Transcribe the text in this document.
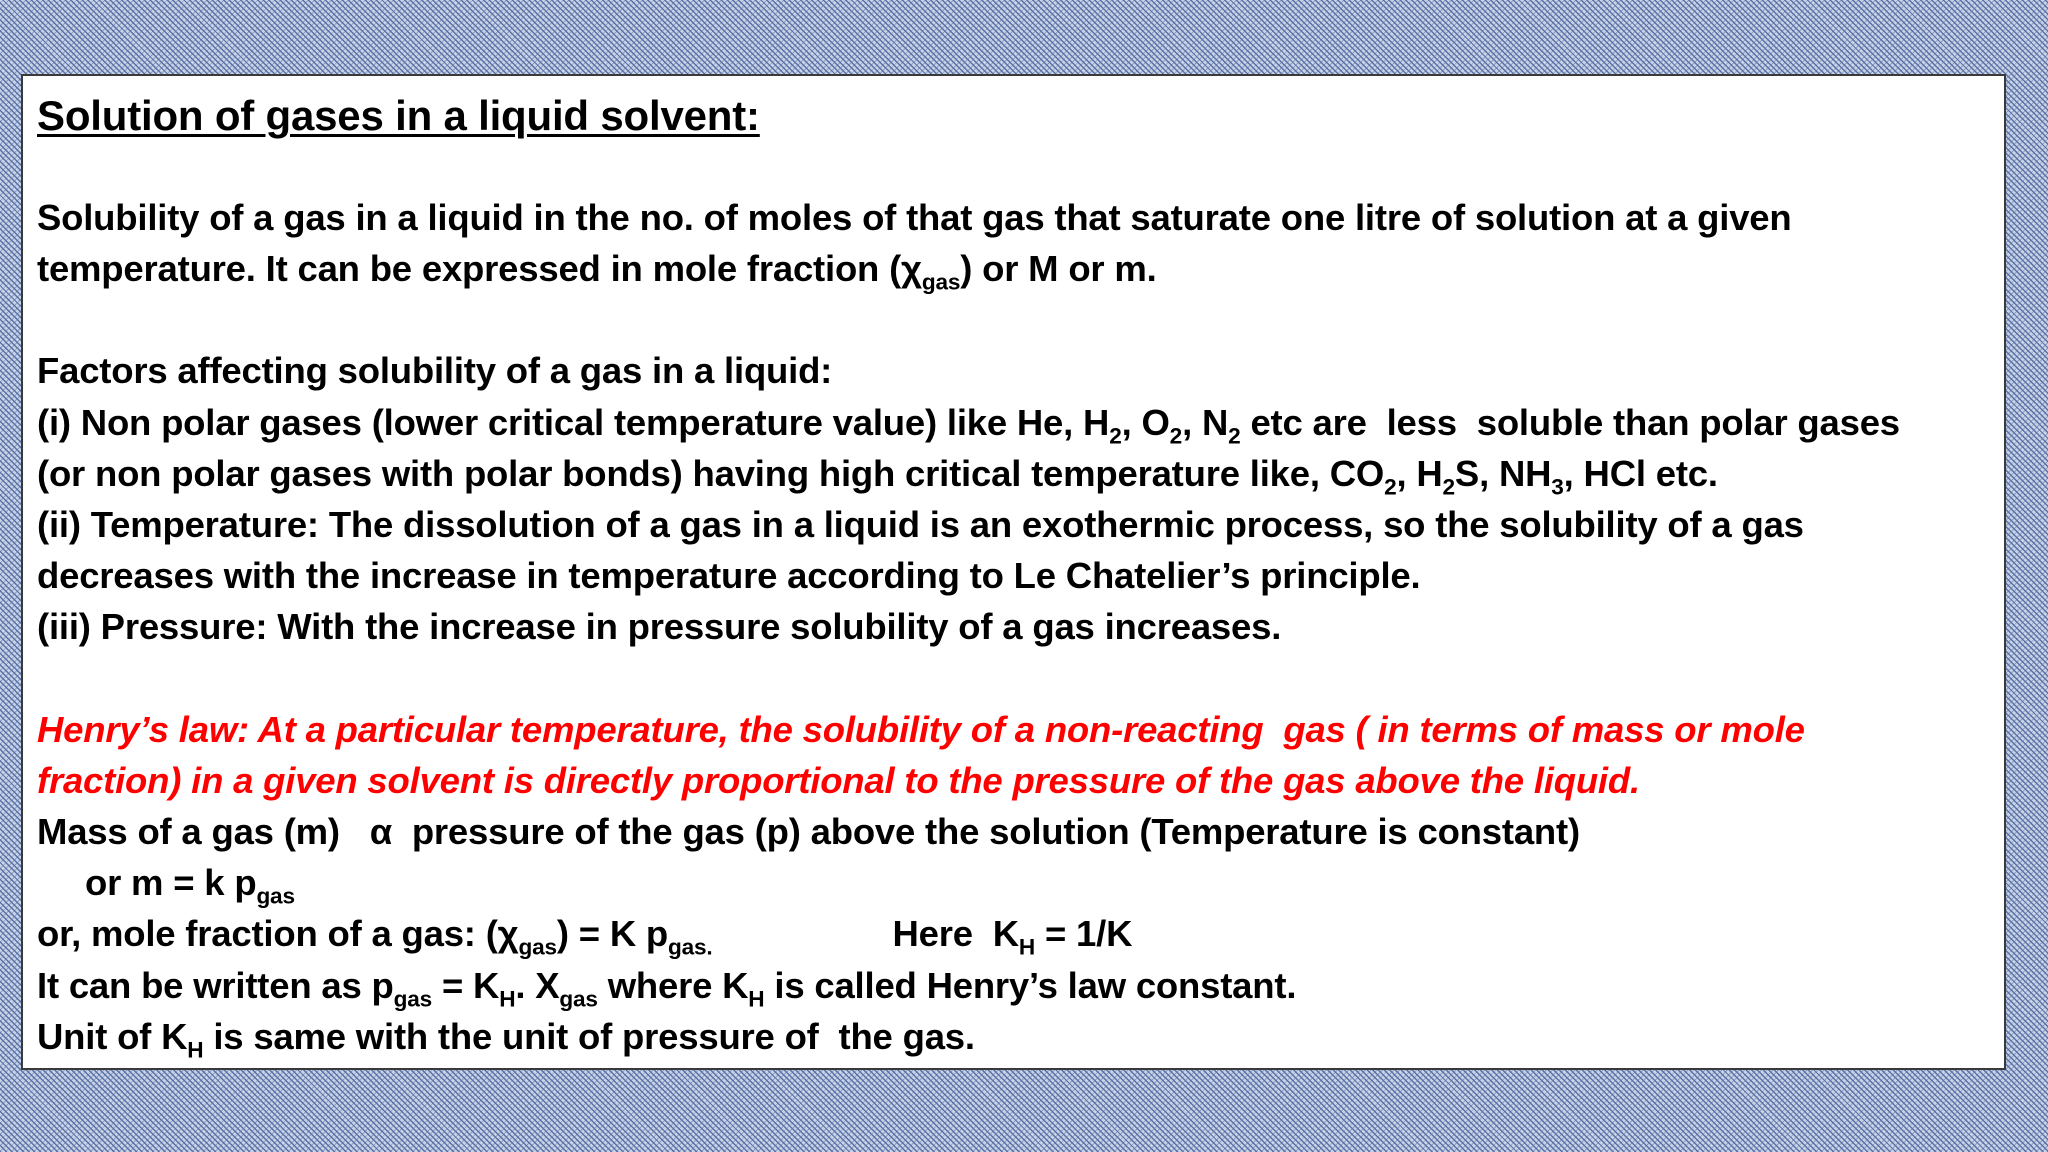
Solution of gases in a liquid solvent:

Solubility of a gas in a liquid in the no. of moles of that gas that saturate one litre of solution at a given

temperature. It can be expressed in mole fraction $(\chi_{gas})$ or M or m.

Factors affecting solubility of a gas in a liquid:

(i) Non polar gases (lower critical temperature value) like He, $H_2$, $O_2$, $N_2$ etc are  less  soluble than polar gases

(or non polar gases with polar bonds) having high critical temperature like, $CO_2$, $H_2S$, $NH_3$, HCl etc.

(ii) Temperature: The dissolution of a gas in a liquid is an exothermic process, so the solubility of a gas

decreases with the increase in temperature according to Le Chatelier’s principle.

(iii) Pressure: With the increase in pressure solubility of a gas increases.

Henry’s law: At a particular temperature, the solubility of a non-reacting  gas ( in terms of mass or mole

fraction) in a given solvent is directly proportional to the pressure of the gas above the liquid.

Mass of a gas (m)   α  pressure of the gas (p) above the solution (Temperature is constant)

or m = k $p_{gas}$

or, mole fraction of a gas: $(\chi_{gas}) = K$ $p_{gas.}$	Here  $K_H = 1/K$

It can be written as $p_{gas} = K_H$. $X_{gas}$ where $K_H$ is called Henry’s law constant.

Unit of $K_H$ is same with the unit of pressure of  the gas.
